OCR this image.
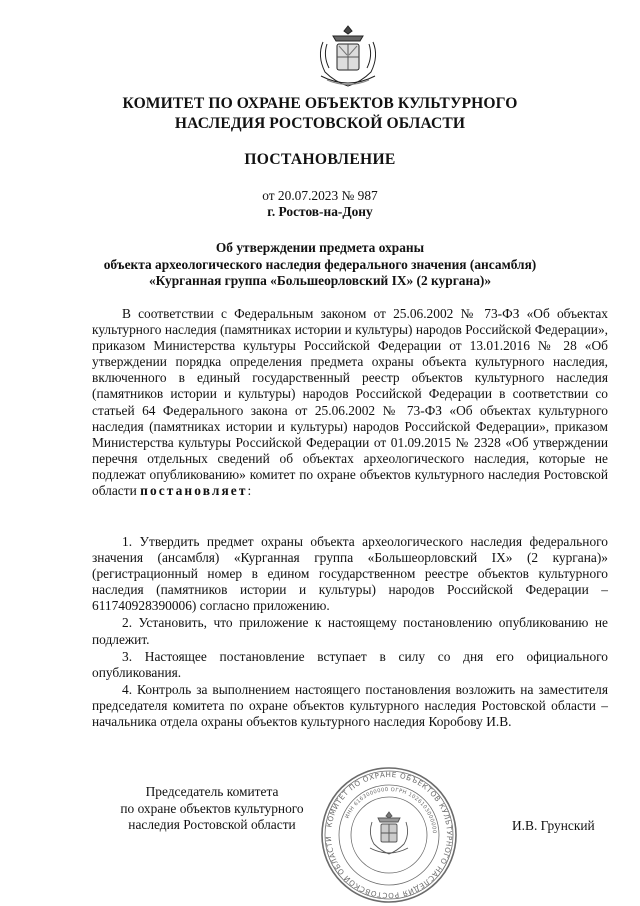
КОМИТЕТ ПО ОХРАНЕ ОБЪЕКТОВ КУЛЬТУРНОГО
НАСЛЕДИЯ РОСТОВСКОЙ ОБЛАСТИ
ПОСТАНОВЛЕНИЕ
от 20.07.2023 № 987
г. Ростов-на-Дону
Об утверждении предмета охраны
объекта археологического наследия федерального значения (ансамбля)
«Курганная группа «Большеорловский IX» (2 кургана)»

В соответствии с Федеральным законом от 25.06.2002 № 73-ФЗ «Об объектах культурного наследия (памятниках истории и культуры) народов Российской Федерации», приказом Министерства культуры Российской Федерации от 13.01.2016 № 28 «Об утверждении порядка определения предмета охраны объекта культурного наследия, включенного в единый государственный реестр объектов культурного наследия (памятников истории и культуры) народов Российской Федерации в соответствии со статьей 64 Федерального закона от 25.06.2002 № 73-ФЗ «Об объектах культурного наследия (памятниках истории и культуры) народов Российской Федерации», приказом Министерства культуры Российской Федерации от 01.09.2015 № 2328 «Об утверждении перечня отдельных сведений об объектах археологического наследия, которые не подлежат опубликованию» комитет по охране объектов культурного наследия Ростовской области постановляет:

1. Утвердить предмет охраны объекта археологического наследия федерального значения (ансамбля) «Курганная группа «Большеорловский IX» (2 кургана)» (регистрационный номер в едином государственном реестре объектов культурного наследия (памятников истории и культуры) народов Российской Федерации – 611740928390006) согласно приложению.

2. Установить, что приложение к настоящему постановлению опубликованию не подлежит.

3. Настоящее постановление вступает в силу со дня его официального опубликования.

4. Контроль за выполнением настоящего постановления возложить на заместителя председателя комитета по охране объектов культурного наследия Ростовской области – начальника отдела охраны объектов культурного наследия Коробову И.В.

Председатель комитета
по охране объектов культурного
наследия Ростовской области	КОМИТЕТ ПО ОХРАНЕ ОБЪЕКТОВ КУЛЬТУРНОГО НАСЛЕДИЯ РОСТОВСКОЙ ОБЛАСТИ
ИНН 6163000000 ОГРН 1026103000000	И.В. Грунский
